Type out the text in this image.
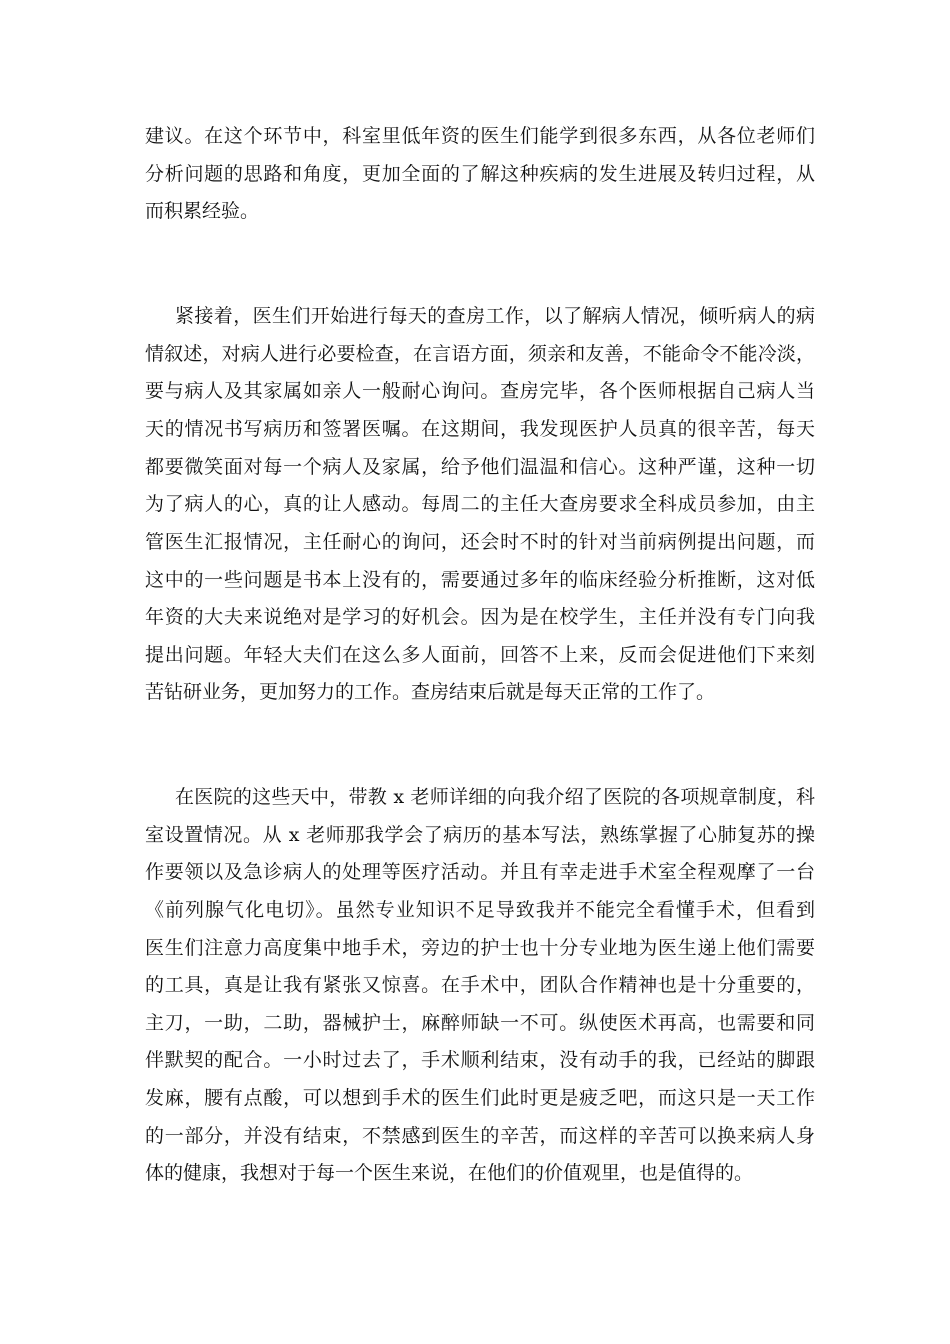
建议。在这个环节中，科室里低年资的医生们能学到很多东西，从各位老师们
分析问题的思路和角度，更加全面的了解这种疾病的发生进展及转归过程，从
而积累经验。
紧接着，医生们开始进行每天的查房工作，以了解病人情况，倾听病人的病
情叙述，对病人进行必要检查，在言语方面，须亲和友善，不能命令不能冷淡，
要与病人及其家属如亲人一般耐心询问。查房完毕，各个医师根据自己病人当
天的情况书写病历和签署医嘱。在这期间，我发现医护人员真的很辛苦，每天
都要微笑面对每一个病人及家属，给予他们温温和信心。这种严谨，这种一切
为了病人的心，真的让人感动。每周二的主任大查房要求全科成员参加，由主
管医生汇报情况，主任耐心的询问，还会时不时的针对当前病例提出问题，而
这中的一些问题是书本上没有的，需要通过多年的临床经验分析推断，这对低
年资的大夫来说绝对是学习的好机会。因为是在校学生，主任并没有专门向我
提出问题。年轻大夫们在这么多人面前，回答不上来，反而会促进他们下来刻
苦钻研业务，更加努力的工作。查房结束后就是每天正常的工作了。
在医院的这些天中，带教 x 老师详细的向我介绍了医院的各项规章制度，科
室设置情况。从 x 老师那我学会了病历的基本写法，熟练掌握了心肺复苏的操
作要领以及急诊病人的处理等医疗活动。并且有幸走进手术室全程观摩了一台
《前列腺气化电切》。虽然专业知识不足导致我并不能完全看懂手术，但看到
医生们注意力高度集中地手术，旁边的护士也十分专业地为医生递上他们需要
的工具，真是让我有紧张又惊喜。在手术中，团队合作精神也是十分重要的，
主刀，一助，二助，器械护士，麻醉师缺一不可。纵使医术再高，也需要和同
伴默契的配合。一小时过去了，手术顺利结束，没有动手的我，已经站的脚跟
发麻，腰有点酸，可以想到手术的医生们此时更是疲乏吧，而这只是一天工作
的一部分，并没有结束，不禁感到医生的辛苦，而这样的辛苦可以换来病人身
体的健康，我想对于每一个医生来说，在他们的价值观里，也是值得的。
